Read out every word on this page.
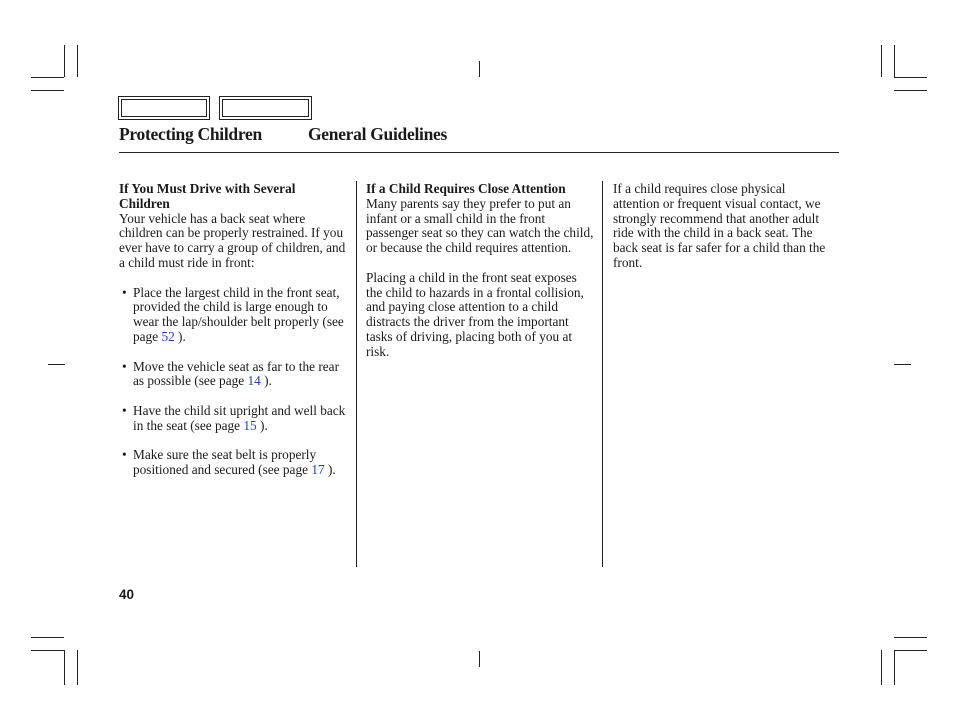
Protecting Children	General Guidelines

If You Must Drive with Several Children

Your vehicle has a back seat where children can be properly restrained. If you ever have to carry a group of children, and a child must ride in front:

• Place the largest child in the front seat, provided the child is large enough to wear the lap/shoulder belt properly (see page 52 ).
• Move the vehicle seat as far to the rear as possible (see page 14 ).
• Have the child sit upright and well back in the seat (see page 15 ).
• Make sure the seat belt is properly positioned and secured (see page 17 ).

If a Child Requires Close Attention

Many parents say they prefer to put an infant or a small child in the front passenger seat so they can watch the child, or because the child requires attention.

Placing a child in the front seat exposes the child to hazards in a frontal collision, and paying close attention to a child distracts the driver from the important tasks of driving, placing both of you at risk.

If a child requires close physical attention or frequent visual contact, we strongly recommend that another adult ride with the child in a back seat. The back seat is far safer for a child than the front.

40
